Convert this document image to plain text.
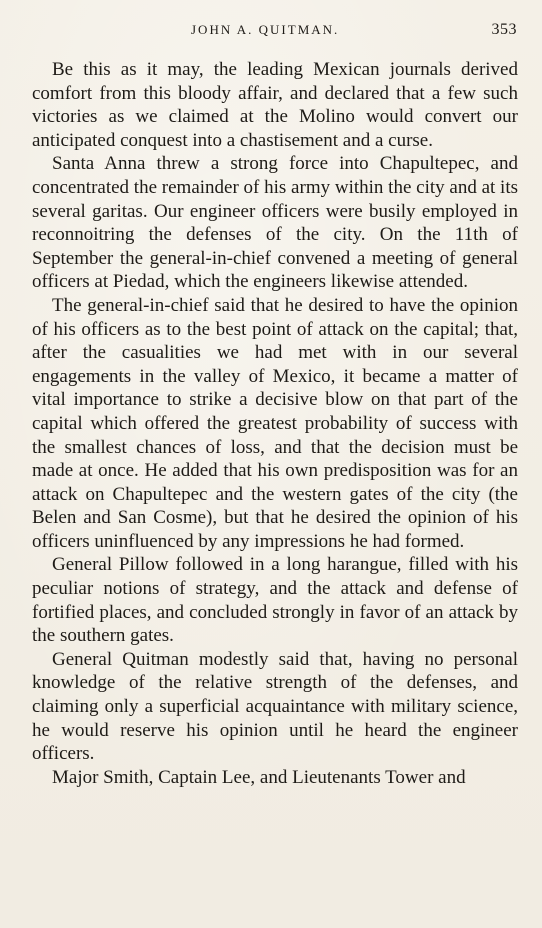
JOHN A. QUITMAN.	353

Be this as it may, the leading Mexican journals derived comfort from this bloody affair, and declared that a few such victories as we claimed at the Molino would convert our anticipated conquest into a chastisement and a curse.

Santa Anna threw a strong force into Chapultepec, and concentrated the remainder of his army within the city and at its several garitas. Our engineer officers were busily employed in reconnoitring the defenses of the city. On the 11th of September the general-in-chief convened a meeting of general officers at Piedad, which the engineers likewise attended.

The general-in-chief said that he desired to have the opinion of his officers as to the best point of attack on the capital; that, after the casualities we had met with in our several engagements in the valley of Mexico, it became a matter of vital importance to strike a decisive blow on that part of the capital which offered the greatest probability of success with the smallest chances of loss, and that the decision must be made at once. He added that his own predisposition was for an attack on Chapultepec and the western gates of the city (the Belen and San Cosme), but that he desired the opinion of his officers uninfluenced by any impressions he had formed.

General Pillow followed in a long harangue, filled with his peculiar notions of strategy, and the attack and defense of fortified places, and concluded strongly in favor of an attack by the southern gates.

General Quitman modestly said that, having no personal knowledge of the relative strength of the defenses, and claiming only a superficial acquaintance with military science, he would reserve his opinion until he heard the engineer officers.

Major Smith, Captain Lee, and Lieutenants Tower and
